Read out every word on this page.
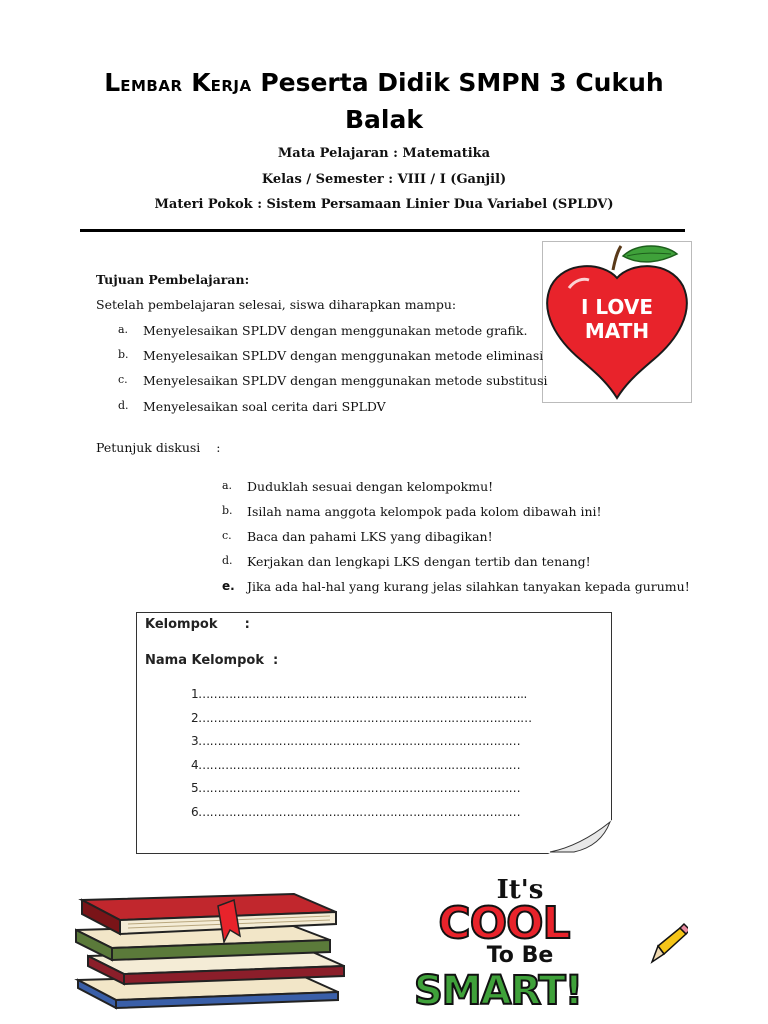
LEMBAR KERJA Peserta Didik SMPN 3 Cukuh
Balak
Mata Pelajaran : Matematika
Kelas / Semester : VIII / I (Ganjil)
Materi Pokok : Sistem Persamaan Linier Dua Variabel (SPLDV)
I LOVE
MATH
Tujuan Pembelajaran:
Setelah pembelajaran selesai, siswa diharapkan mampu:
a. Menyelesaikan SPLDV dengan menggunakan metode grafik.
b. Menyelesaikan SPLDV dengan menggunakan metode eliminasi
c. Menyelesaikan SPLDV dengan menggunakan metode substitusi
d. Menyelesaikan soal cerita dari SPLDV
Petunjuk diskusi    :
a. Duduklah sesuai dengan kelompokmu!
b. Isilah nama anggota kelompok pada kolom dibawah ini!
c. Baca dan pahami LKS yang dibagikan!
d. Kerjakan dan lengkapi LKS dengan tertib dan tenang!
e. Jika ada hal-hal yang kurang jelas silahkan tanyakan kepada gurumu!
Kelompok      :
Nama Kelompok  :
1…………………………………………………………………………..
2……………………………………………………………………………
3…………………………………………………………………………
4…………………………………………………………………………
5…………………………………………………………………………
6…………………………………………………………………………
It's
COOL
To Be
SMART!
